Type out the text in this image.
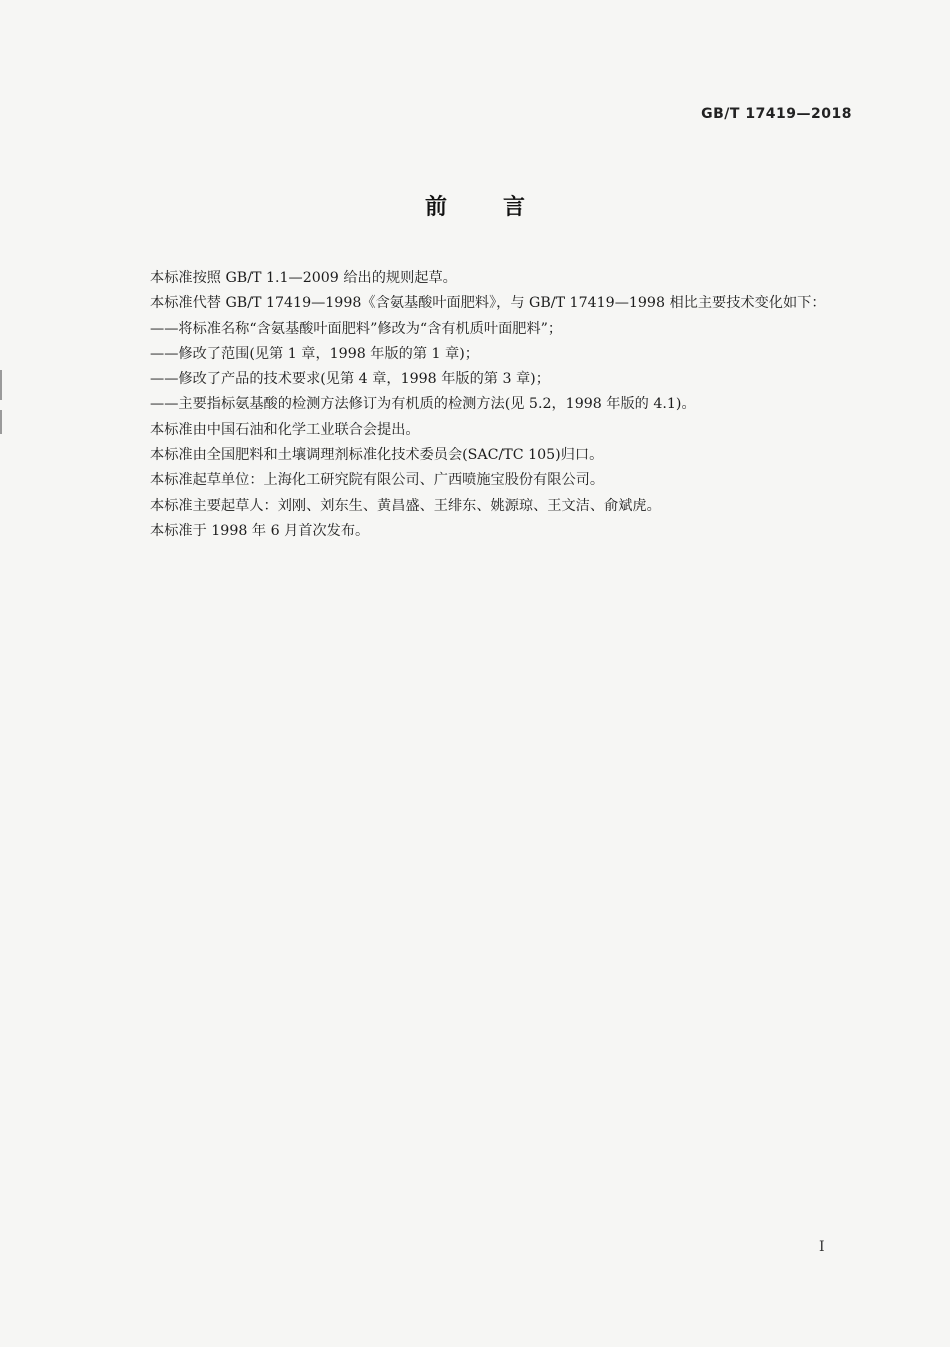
GB/T 17419—2018
前言

本标准按照 GB/T 1.1—2009 给出的规则起草。

本标准代替 GB/T 17419—1998《含氨基酸叶面肥料》，与 GB/T 17419—1998 相比主要技术变化如下：

——将标准名称“含氨基酸叶面肥料”修改为“含有机质叶面肥料”；

——修改了范围(见第 1 章，1998 年版的第 1 章)；

——修改了产品的技术要求(见第 4 章，1998 年版的第 3 章)；

——主要指标氨基酸的检测方法修订为有机质的检测方法(见 5.2，1998 年版的 4.1)。

本标准由中国石油和化学工业联合会提出。

本标准由全国肥料和土壤调理剂标准化技术委员会(SAC/TC 105)归口。

本标准起草单位：上海化工研究院有限公司、广西喷施宝股份有限公司。

本标准主要起草人：刘刚、刘东生、黄昌盛、王绯东、姚源琼、王文洁、俞斌虎。

本标准于 1998 年 6 月首次发布。

I
